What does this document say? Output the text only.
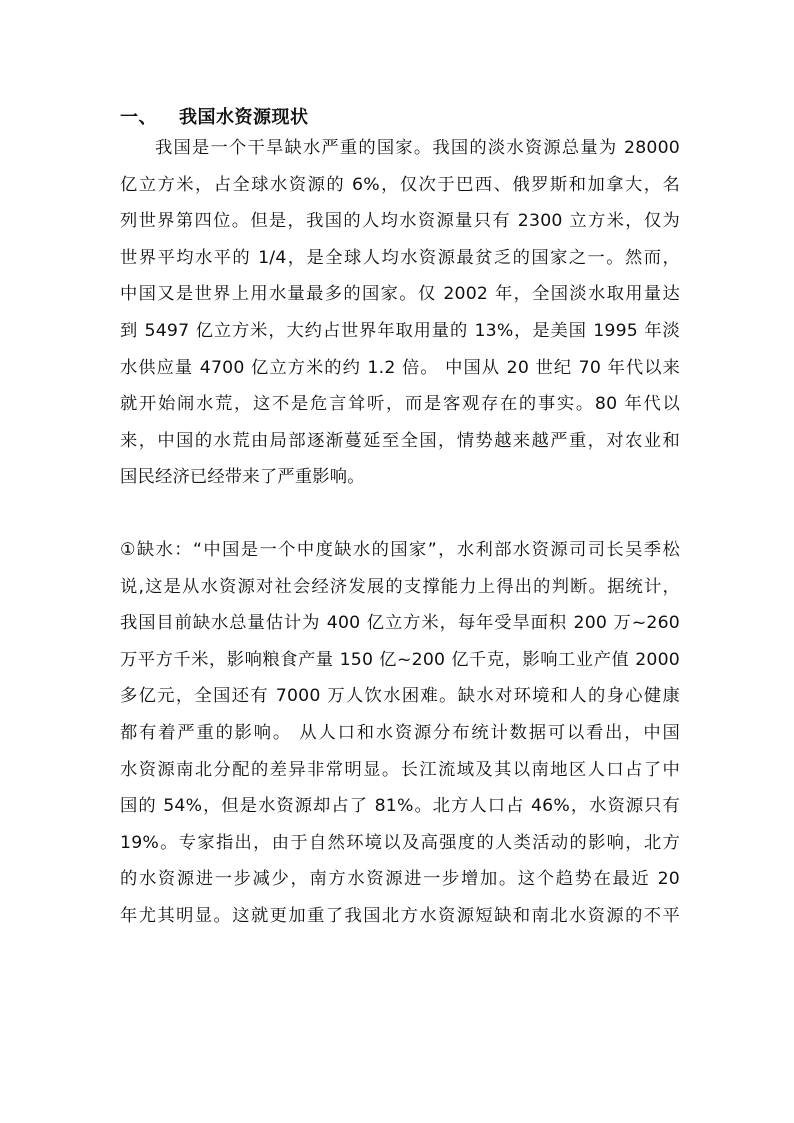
一、 我国水资源现状
我国是一个干旱缺水严重的国家。我国的淡水资源总量为 28000
亿立方米，占全球水资源的 6%，仅次于巴西、俄罗斯和加拿大，名
列世界第四位。但是，我国的人均水资源量只有 2300 立方米，仅为
世界平均水平的 1/4，是全球人均水资源最贫乏的国家之一。然而，
中国又是世界上用水量最多的国家。仅 2002 年，全国淡水取用量达
到 5497 亿立方米，大约占世界年取用量的 13%，是美国 1995 年淡
水供应量 4700 亿立方米的约 1.2 倍。 中国从 20 世纪 70 年代以来
就开始闹水荒，这不是危言耸听，而是客观存在的事实。80 年代以
来，中国的水荒由局部逐渐蔓延至全国，情势越来越严重，对农业和
国民经济已经带来了严重影响。
①缺水：“中国是一个中度缺水的国家”，水利部水资源司司长吴季松
说,这是从水资源对社会经济发展的支撑能力上得出的判断。据统计，
我国目前缺水总量估计为 400 亿立方米，每年受旱面积 200 万~260
万平方千米，影响粮食产量 150 亿~200 亿千克，影响工业产值 2000
多亿元，全国还有 7000 万人饮水困难。缺水对环境和人的身心健康
都有着严重的影响。 从人口和水资源分布统计数据可以看出，中国
水资源南北分配的差异非常明显。长江流域及其以南地区人口占了中
国的 54%，但是水资源却占了 81%。北方人口占 46%，水资源只有
19%。专家指出，由于自然环境以及高强度的人类活动的影响，北方
的水资源进一步减少，南方水资源进一步增加。这个趋势在最近 20
年尤其明显。这就更加重了我国北方水资源短缺和南北水资源的不平
